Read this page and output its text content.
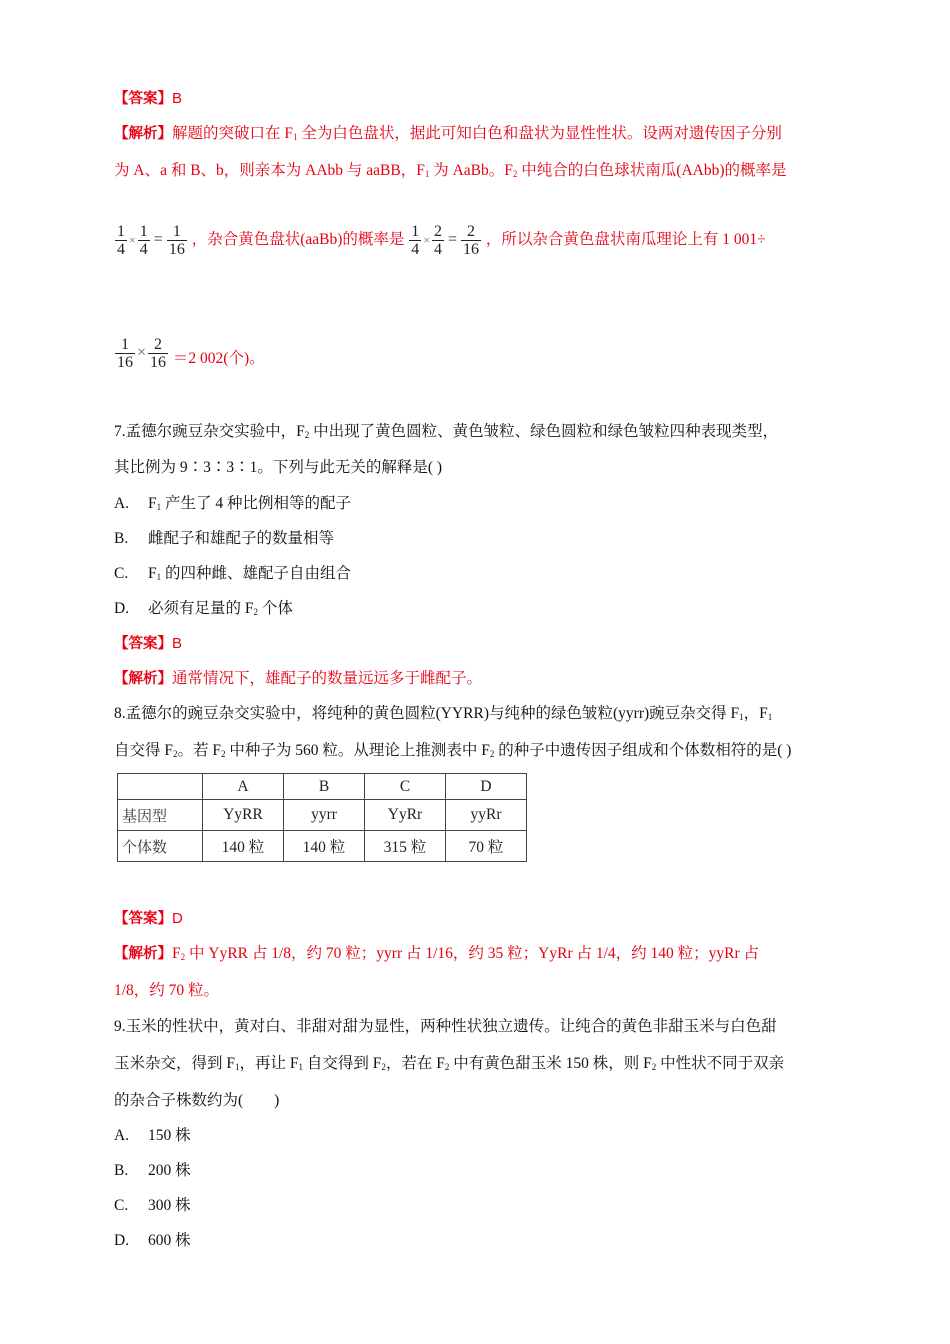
【答案】B
【解析】解题的突破口在 $F_1$ 全为白色盘状，据此可知白色和盘状为显性性状。设两对遗传因子分别
为 A、a 和 B、b，则亲本为 AAbb 与 aaBB，$F_1$ 为 AaBb。$F_2$ 中纯合的白色球状南瓜(AAbb)的概率是
$\frac{1}{4} \times \frac{1}{4} = \frac{1}{16}$ ，杂合黄色盘状(aaBb)的概率是 $\frac{1}{4} \times \frac{2}{4} = \frac{2}{16}$ ，所以杂合黄色盘状南瓜理论上有 1 001÷
$\frac{1}{16} \times \frac{2}{16} =2$ 002(个)。
7.孟德尔豌豆杂交实验中，$F_2$ 中出现了黄色圆粒、黄色皱粒、绿色圆粒和绿色皱粒四种表现类型，
其比例为 9∶3∶3∶1。下列与此无关的解释是( )
A. $F_1$ 产生了 4 种比例相等的配子
B. 雌配子和雄配子的数量相等
C. $F_1$ 的四种雌、雄配子自由组合
D. 必须有足量的 $F_2$ 个体
【答案】B
【解析】通常情况下，雄配子的数量远远多于雌配子。
8.孟德尔的豌豆杂交实验中，将纯种的黄色圆粒(YYRR)与纯种的绿色皱粒(yyrr)豌豆杂交得 $F_1$，$F_1$
自交得 $F_2$。若 $F_2$ 中种子为 560 粒。从理论上推测表中 $F_2$ 的种子中遗传因子组成和个体数相符的是( )
	A	B	C	D
基因型	YyRR	yyrr	YyRr	yyRr
个体数	140 粒	140 粒	315 粒	70 粒
【答案】D
【解析】$F_2$ 中 YyRR 占 1/8，约 70 粒；yyrr 占 1/16，约 35 粒；YyRr 占 1/4，约 140 粒；yyRr 占
1/8，约 70 粒。
9.玉米的性状中，黄对白、非甜对甜为显性，两种性状独立遗传。让纯合的黄色非甜玉米与白色甜
玉米杂交，得到 $F_1$，再让 $F_1$ 自交得到 $F_2$，若在 $F_2$ 中有黄色甜玉米 150 株，则 $F_2$ 中性状不同于双亲
的杂合子株数约为(　　)
A. 150 株
B. 200 株
C. 300 株
D. 600 株
